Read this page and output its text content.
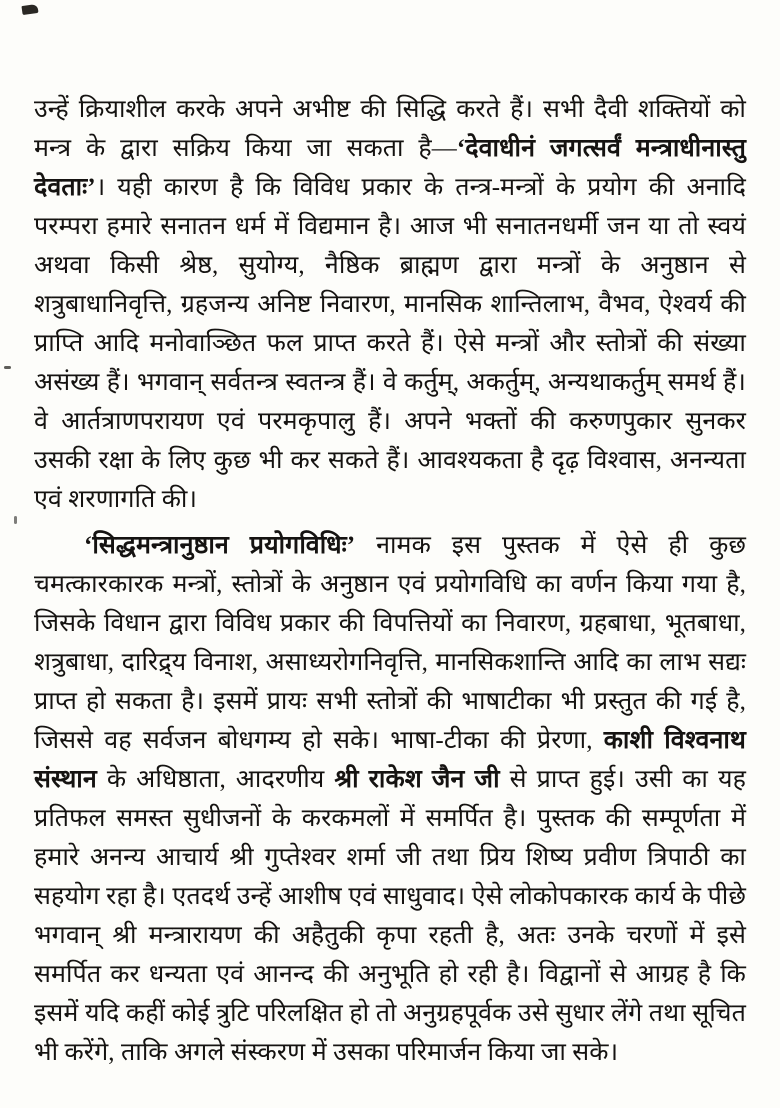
उन्हें क्रियाशील करके अपने अभीष्ट की सिद्धि करते हैं। सभी दैवी शक्तियों को मन्त्र के द्वारा सक्रिय किया जा सकता है—‘देवाधीनं जगत्सर्वं मन्त्राधीनास्तु देवताः’। यही कारण है कि विविध प्रकार के तन्त्र-मन्त्रों के प्रयोग की अनादि परम्परा हमारे सनातन धर्म में विद्यमान है। आज भी सनातनधर्मी जन या तो स्वयं अथवा किसी श्रेष्ठ, सुयोग्य, नैष्ठिक ब्राह्मण द्वारा मन्त्रों के अनुष्ठान से शत्रुबाधानिवृत्ति, ग्रहजन्य अनिष्ट निवारण, मानसिक शान्तिलाभ, वैभव, ऐश्वर्य की प्राप्ति आदि मनोवाञ्छित फल प्राप्त करते हैं। ऐसे मन्त्रों और स्तोत्रों की संख्या असंख्य हैं। भगवान् सर्वतन्त्र स्वतन्त्र हैं। वे कर्तुम्, अकर्तुम्, अन्यथाकर्तुम् समर्थ हैं। वे आर्तत्राणपरायण एवं परमकृपालु हैं। अपने भक्तों की करुणपुकार सुनकर उसकी रक्षा के लिए कुछ भी कर सकते हैं। आवश्यकता है दृढ़ विश्वास, अनन्यता एवं शरणागति की।

‘सिद्धमन्त्रानुष्ठान प्रयोगविधिः’ नामक इस पुस्तक में ऐसे ही कुछ चमत्कारकारक मन्त्रों, स्तोत्रों के अनुष्ठान एवं प्रयोगविधि का वर्णन किया गया है, जिसके विधान द्वारा विविध प्रकार की विपत्तियों का निवारण, ग्रहबाधा, भूतबाधा, शत्रुबाधा, दारिद्र्य विनाश, असाध्यरोगनिवृत्ति, मानसिकशान्ति आदि का लाभ सद्यः प्राप्त हो सकता है। इसमें प्रायः सभी स्तोत्रों की भाषाटीका भी प्रस्तुत की गई है, जिससे वह सर्वजन बोधगम्य हो सके। भाषा-टीका की प्रेरणा, काशी विश्वनाथ संस्थान के अधिष्ठाता, आदरणीय श्री राकेश जैन जी से प्राप्त हुई। उसी का यह प्रतिफल समस्त सुधीजनों के करकमलों में समर्पित है। पुस्तक की सम्पूर्णता में हमारे अनन्य आचार्य श्री गुप्तेश्वर शर्मा जी तथा प्रिय शिष्य प्रवीण त्रिपाठी का सहयोग रहा है। एतदर्थ उन्हें आशीष एवं साधुवाद। ऐसे लोकोपकारक कार्य के पीछे भगवान् श्री मन्त्रारायण की अहैतुकी कृपा रहती है, अतः उनके चरणों में इसे समर्पित कर धन्यता एवं आनन्द की अनुभूति हो रही है। विद्वानों से आग्रह है कि इसमें यदि कहीं कोई त्रुटि परिलक्षित हो तो अनुग्रहपूर्वक उसे सुधार लेंगे तथा सूचित भी करेंगे, ताकि अगले संस्करण में उसका परिमार्जन किया जा सके।
